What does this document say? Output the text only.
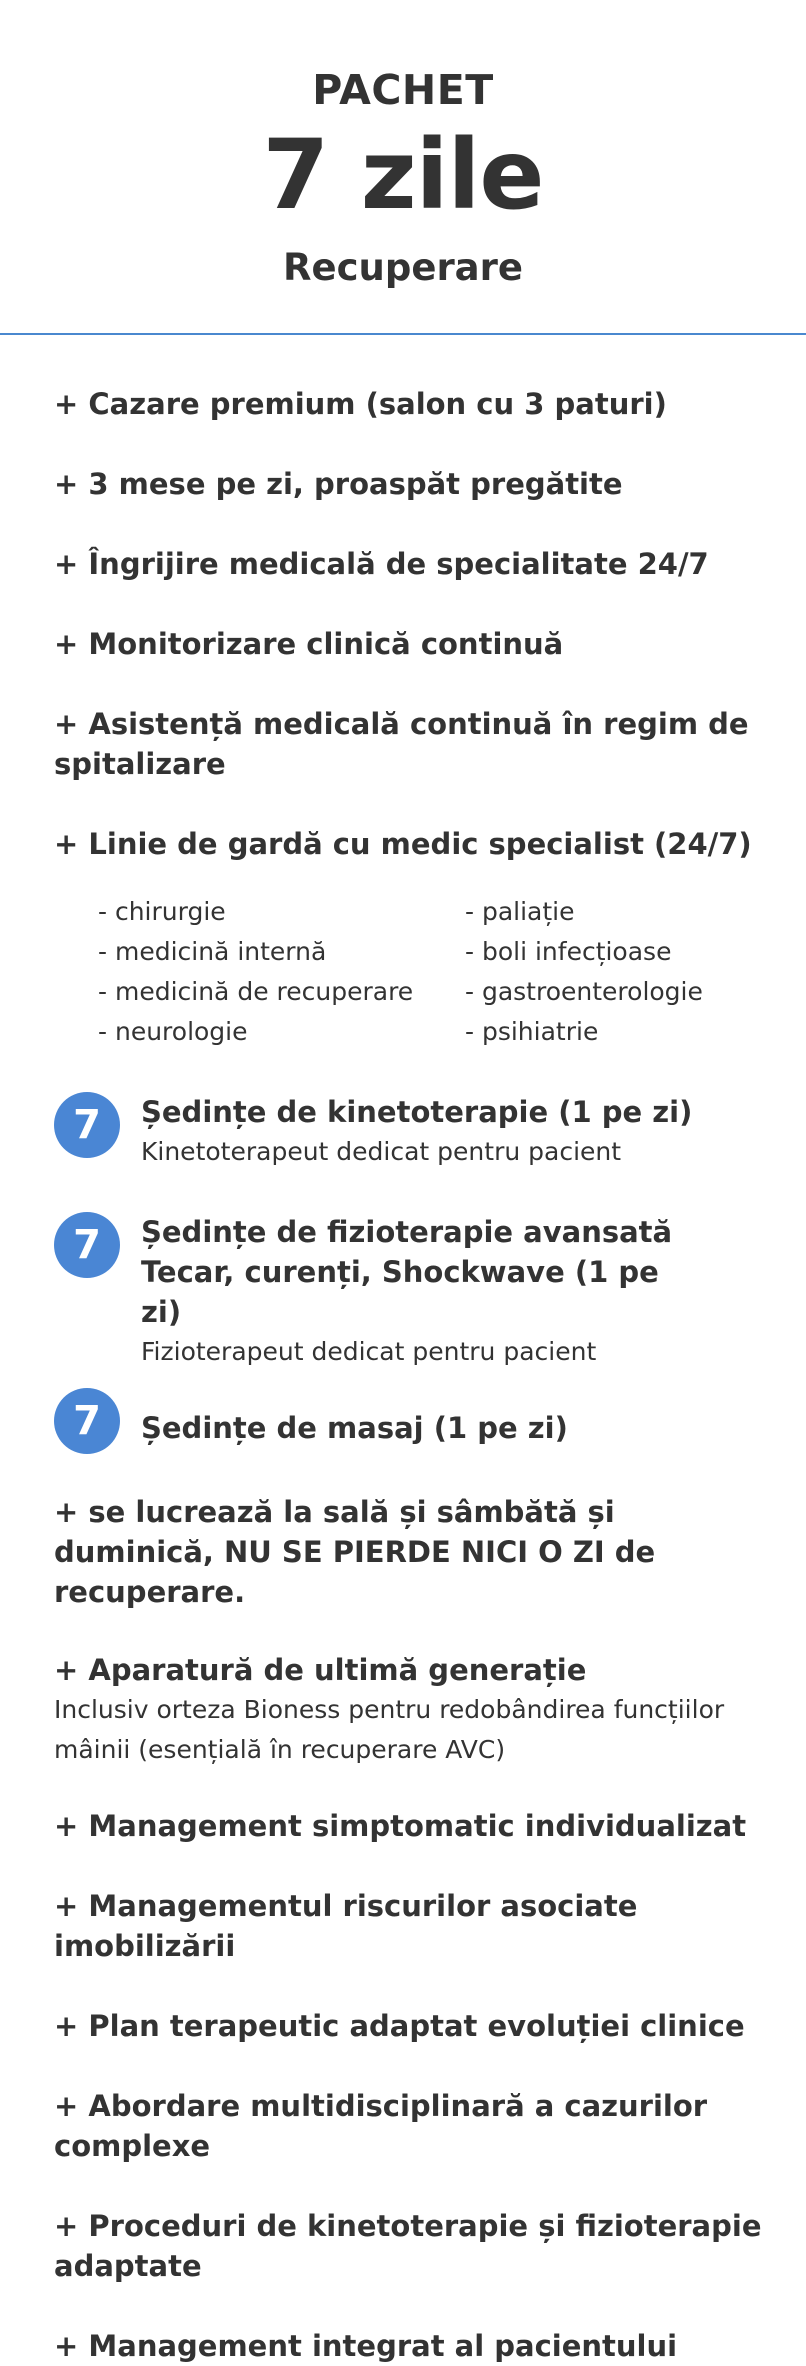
PACHET

7 zile

Recuperare

+ Cazare premium (salon cu 3 paturi)

+ 3 mese pe zi, proaspăt pregătite

+ Îngrijire medicală de specialitate 24/7

+ Monitorizare clinică continuă

+ Asistență medicală continuă în regim de spitalizare

+ Linie de gardă cu medic specialist (24/7)

- chirurgie	- paliație
- medicină internă	- boli infecțioase
- medicină de recuperare	- gastroenterologie
- neurologie	- psihiatrie
7	Ședințe de kinetoterapie (1 pe zi)
Kinetoterapeut dedicat pentru pacient
7	Ședințe de fizioterapie avansată Tecar, curenți, Shockwave (1 pe zi)
Fizioterapeut dedicat pentru pacient
7	Ședințe de masaj (1 pe zi)

+ se lucrează la sală și sâmbătă și duminică, NU SE PIERDE NICI O ZI de recuperare.

+ Aparatură de ultimă generație

Inclusiv orteza Bioness pentru redobândirea funcțiilor mâinii (esențială în recuperare AVC)

+ Management simptomatic individualizat

+ Managementul riscurilor asociate imobilizării

+ Plan terapeutic adaptat evoluției clinice

+ Abordare multidisciplinară a cazurilor complexe

+ Proceduri de kinetoterapie și fizioterapie adaptate

+ Management integrat al pacientului
